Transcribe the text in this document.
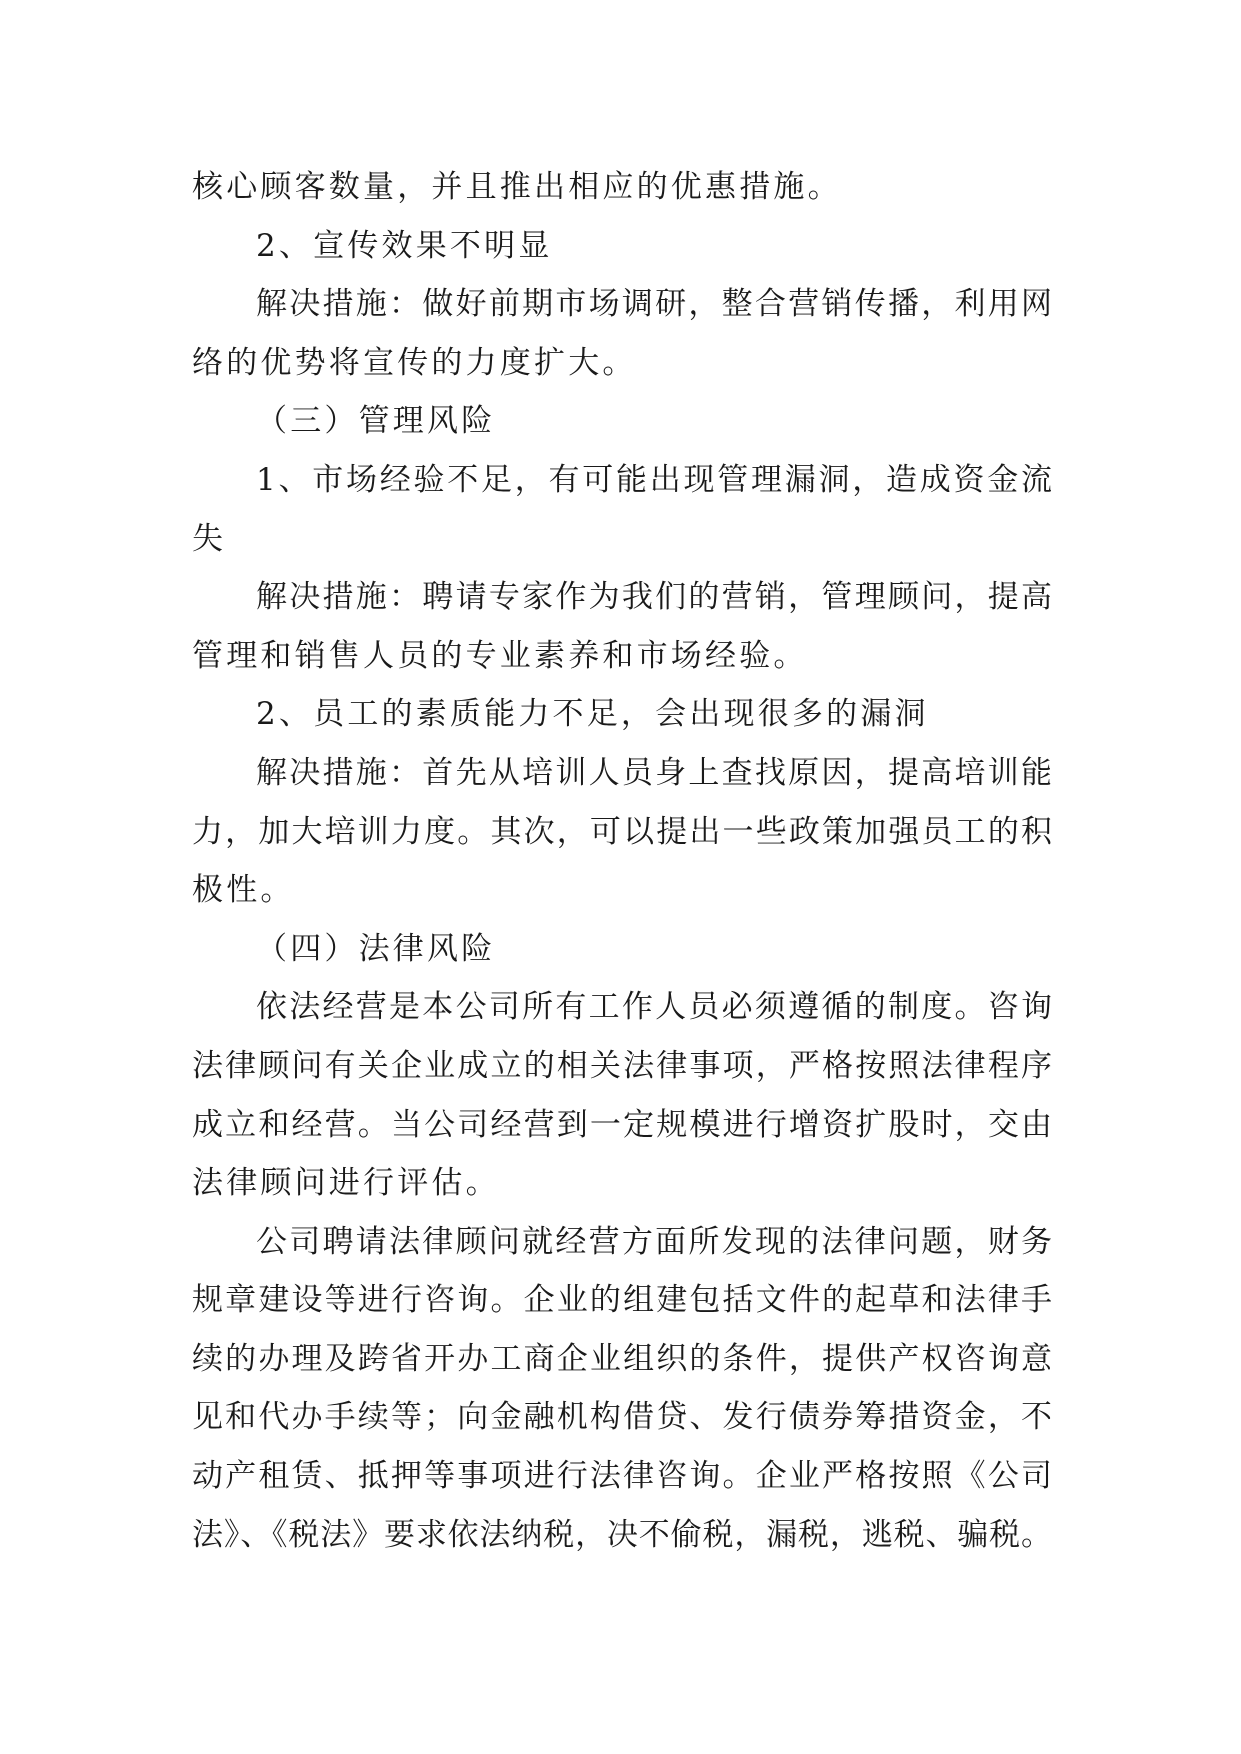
核心顾客数量，并且推出相应的优惠措施。
2、宣传效果不明显
解决措施：做好前期市场调研，整合营销传播，利用网
络的优势将宣传的力度扩大。
（三）管理风险
1、市场经验不足，有可能出现管理漏洞，造成资金流
失
解决措施：聘请专家作为我们的营销，管理顾问，提高
管理和销售人员的专业素养和市场经验。
2、员工的素质能力不足，会出现很多的漏洞
解决措施：首先从培训人员身上查找原因，提高培训能
力，加大培训力度。其次，可以提出一些政策加强员工的积
极性。
（四）法律风险
依法经营是本公司所有工作人员必须遵循的制度。咨询
法律顾问有关企业成立的相关法律事项，严格按照法律程序
成立和经营。当公司经营到一定规模进行增资扩股时，交由
法律顾问进行评估。
公司聘请法律顾问就经营方面所发现的法律问题，财务
规章建设等进行咨询。企业的组建包括文件的起草和法律手
续的办理及跨省开办工商企业组织的条件，提供产权咨询意
见和代办手续等；向金融机构借贷、发行债券筹措资金，不
动产租赁、抵押等事项进行法律咨询。企业严格按照《公司
法》、《税法》要求依法纳税，决不偷税，漏税，逃税、骗税。
